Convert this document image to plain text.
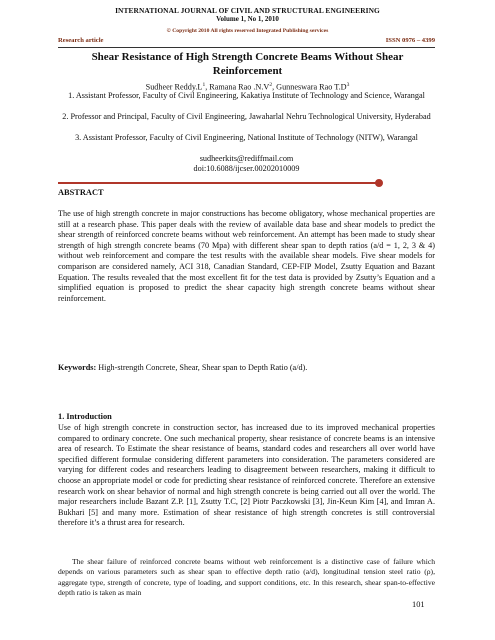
INTERNATIONAL JOURNAL OF CIVIL AND STRUCTURAL ENGINEERING
Volume 1, No 1, 2010
© Copyright 2010 All rights reserved Integrated Publishing services
Research article	ISSN 0976 – 4399
Shear Resistance of High Strength Concrete Beams Without Shear Reinforcement
Sudheer $Reddy.L^1$, Ramana Rao $.N.V^2$, Gunneswara Rao $T.D^3$
1. Assistant Professor, Faculty of Civil Engineering, Kakatiya Institute of Technology and Science, Warangal
2. Professor and Principal, Faculty of Civil Engineering, Jawaharlal Nehru Technological University, Hyderabad
3. Assistant Professor, Faculty of Civil Engineering, National Institute of Technology (NITW), Warangal
sudheerkits@rediffmail.com
doi:10.6088/ijcser.00202010009
ABSTRACT
The use of high strength concrete in major constructions has become obligatory, whose mechanical properties are still at a research phase. This paper deals with the review of available data base and shear models to predict the shear strength of reinforced concrete beams without web reinforcement. An attempt has been made to study shear strength of high strength concrete beams (70 Mpa) with different shear span to depth ratios (a/d = 1, 2, 3 & 4) without web reinforcement and compare the test results with the available shear models. Five shear models for comparison are considered namely, ACI 318, Canadian Standard, CEP-FIP Model, Zsutty Equation and Bazant Equation. The results revealed that the most excellent fit for the test data is provided by Zsutty’s Equation and a simplified equation is proposed to predict the shear capacity high strength concrete beams without shear reinforcement.
Keywords: High-strength Concrete, Shear, Shear span to Depth Ratio (a/d).
1. Introduction
Use of high strength concrete in construction sector, has increased due to its improved mechanical properties compared to ordinary concrete. One such mechanical property, shear resistance of concrete beams is an intensive area of research. To Estimate the shear resistance of beams, standard codes and researchers all over world have specified different formulae considering different parameters into consideration. The parameters considered are varying for different codes and researchers leading to disagreement between researchers, making it difficult to choose an appropriate model or code for predicting shear resistance of reinforced concrete. Therefore an extensive research work on shear behavior of normal and high strength concrete is being carried out all over the world. The major researchers include Bazant Z.P. [1], Zsutty T.C, [2] Piotr Paczkowski [3], Jin-Keun Kim [4], and Imran A. Bukhari [5] and many more. Estimation of shear resistance of high strength concretes is still controversial therefore it’s a thrust area for research.
The shear failure of reinforced concrete beams without web reinforcement is a distinctive case of failure which depends on various parameters such as shear span to effective depth ratio (a/d), longitudinal tension steel ratio (ρ), aggregate type, strength of concrete, type of loading, and support conditions, etc. In this research, shear span-to-effective depth ratio is taken as main
101
